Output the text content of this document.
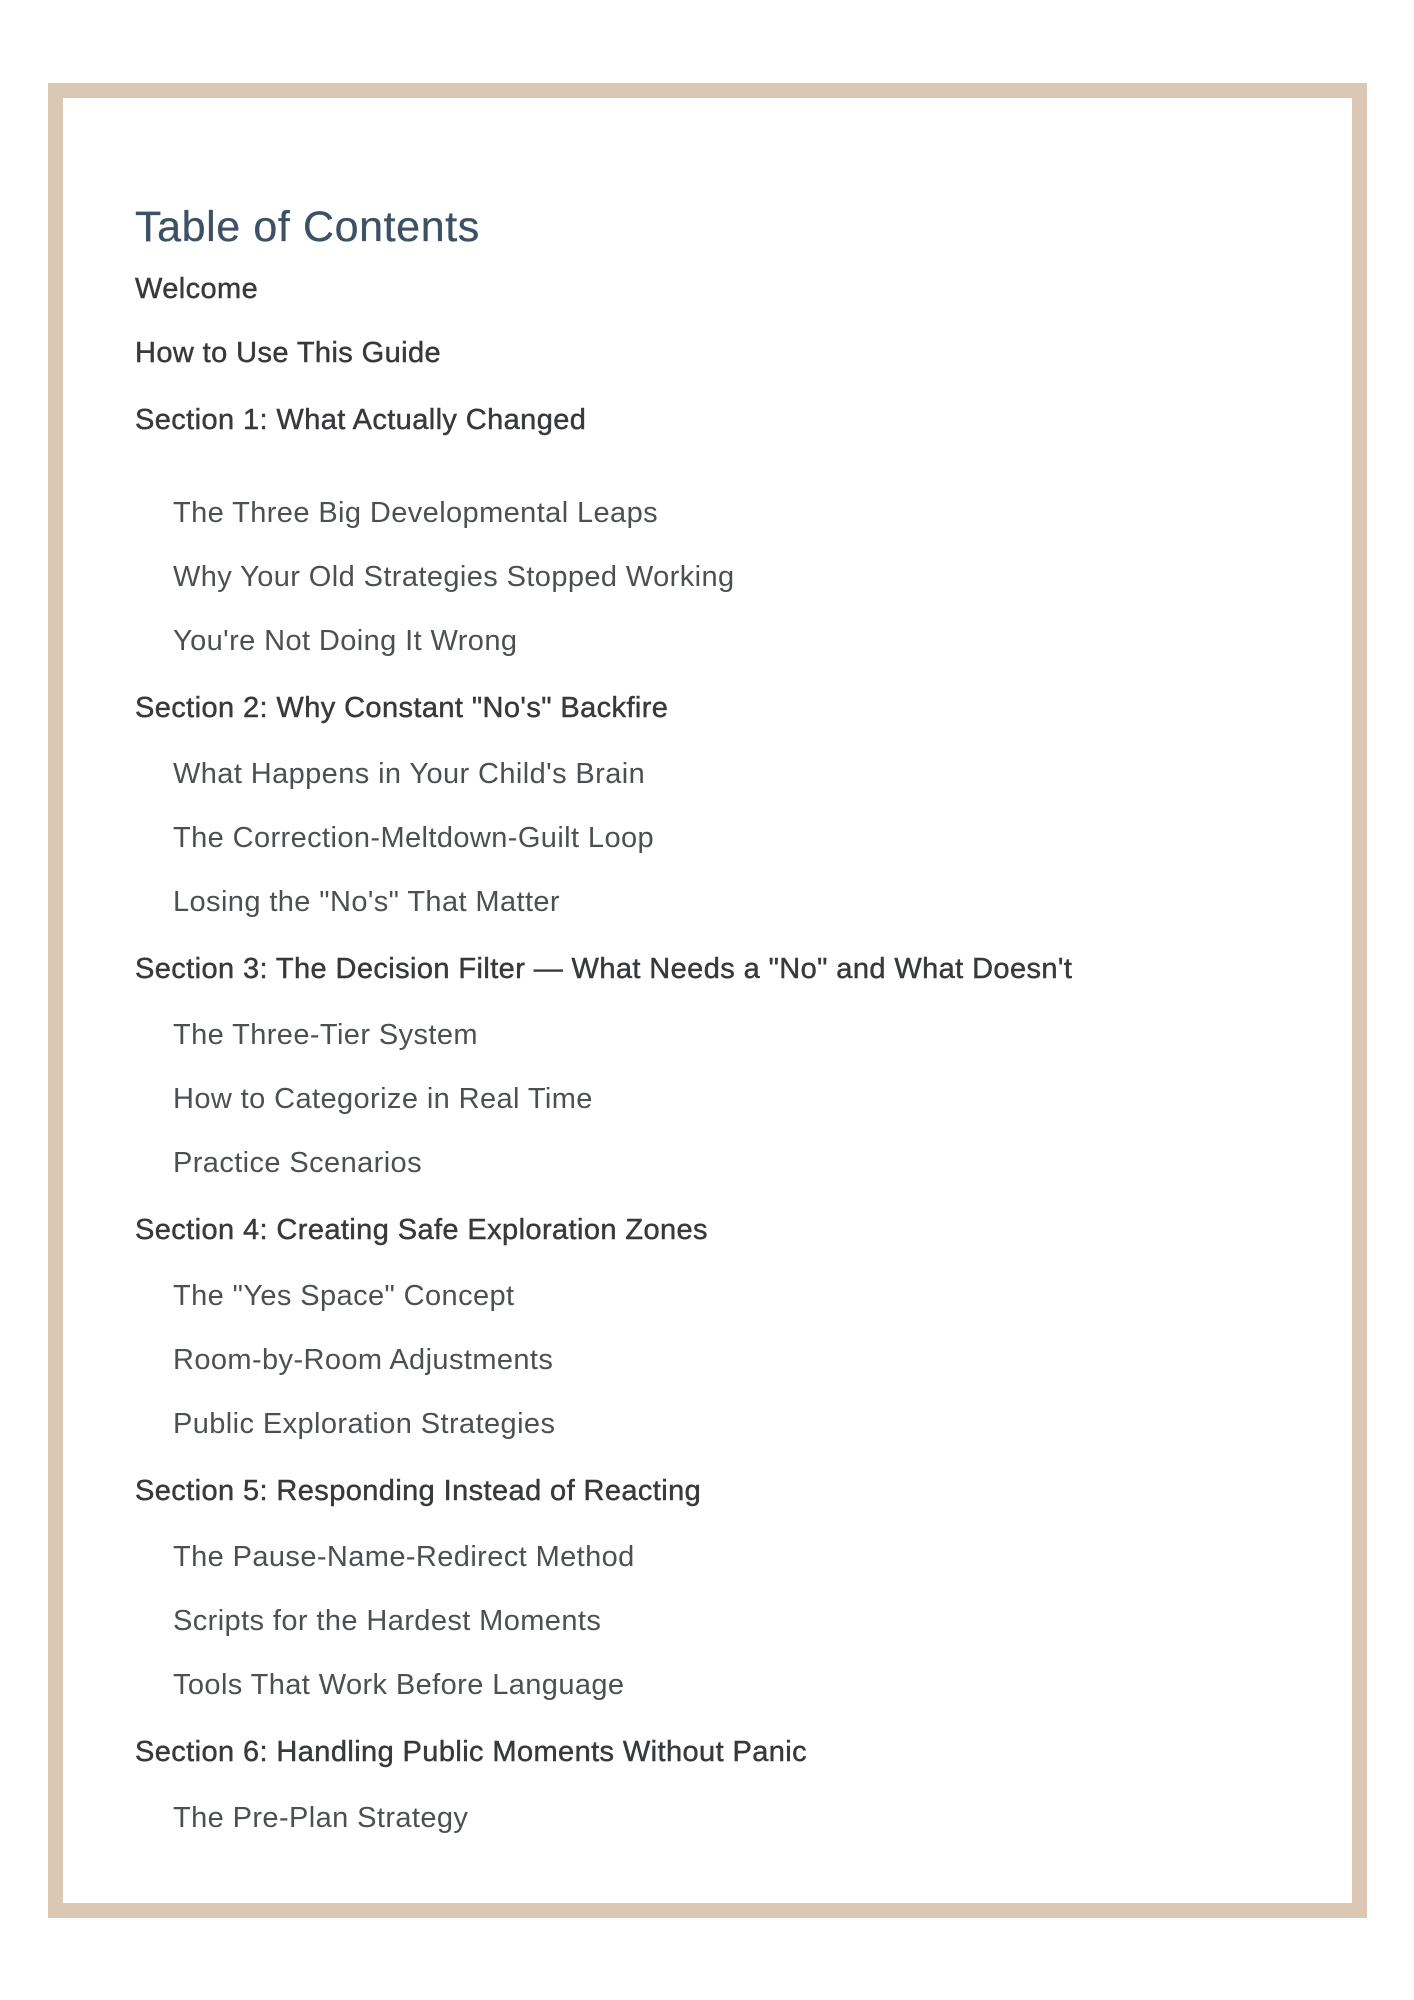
Table of Contents
Welcome
How to Use This Guide
Section 1: What Actually Changed
The Three Big Developmental Leaps
Why Your Old Strategies Stopped Working
You're Not Doing It Wrong
Section 2: Why Constant "No's" Backfire
What Happens in Your Child's Brain
The Correction-Meltdown-Guilt Loop
Losing the "No's" That Matter
Section 3: The Decision Filter — What Needs a "No" and What Doesn't
The Three-Tier System
How to Categorize in Real Time
Practice Scenarios
Section 4: Creating Safe Exploration Zones
The "Yes Space" Concept
Room-by-Room Adjustments
Public Exploration Strategies
Section 5: Responding Instead of Reacting
The Pause-Name-Redirect Method
Scripts for the Hardest Moments
Tools That Work Before Language
Section 6: Handling Public Moments Without Panic
The Pre-Plan Strategy
